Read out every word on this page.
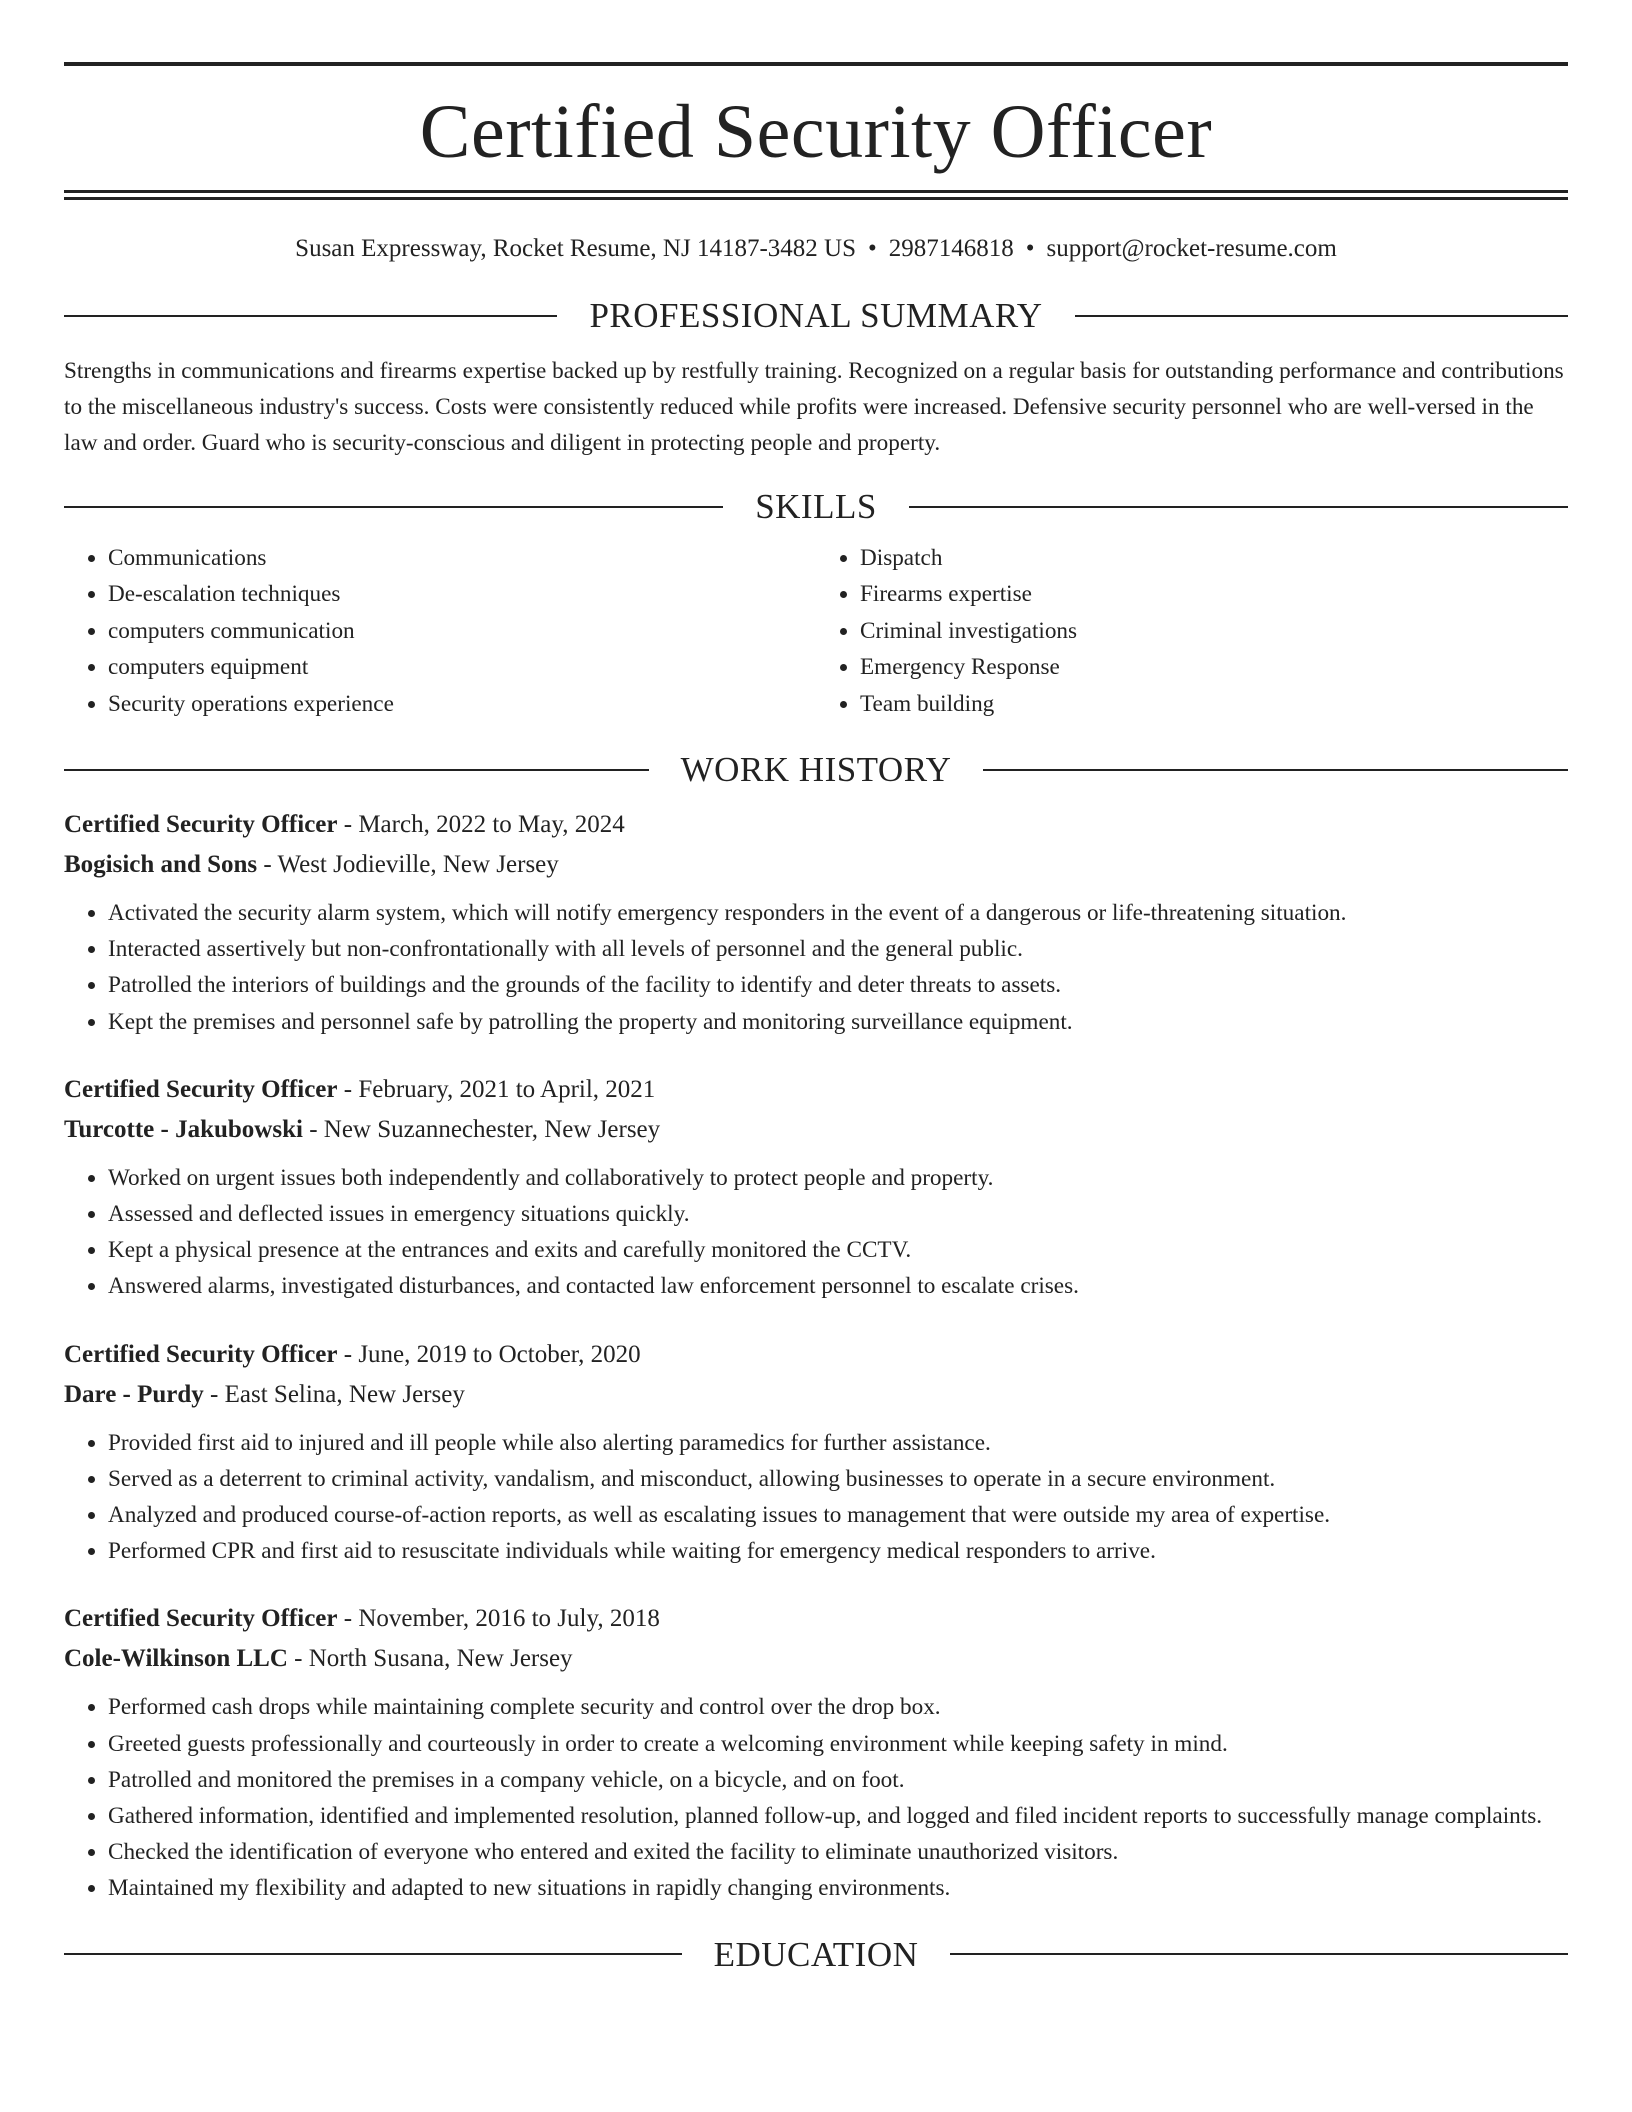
Certified Security Officer
Susan Expressway, Rocket Resume, NJ 14187-3482 US • 2987146818 • support@rocket-resume.com
PROFESSIONAL SUMMARY
Strengths in communications and firearms expertise backed up by restfully training. Recognized on a regular basis for outstanding performance and contributions to the miscellaneous industry's success. Costs were consistently reduced while profits were increased. Defensive security personnel who are well-versed in the law and order. Guard who is security-conscious and diligent in protecting people and property.
SKILLS
• Communications
• De-escalation techniques
• computers communication
• computers equipment
• Security operations experience
• Dispatch
• Firearms expertise
• Criminal investigations
• Emergency Response
• Team building
WORK HISTORY
Certified Security Officer - March, 2022 to May, 2024
Bogisich and Sons - West Jodieville, New Jersey
• Activated the security alarm system, which will notify emergency responders in the event of a dangerous or life-threatening situation.
• Interacted assertively but non-confrontationally with all levels of personnel and the general public.
• Patrolled the interiors of buildings and the grounds of the facility to identify and deter threats to assets.
• Kept the premises and personnel safe by patrolling the property and monitoring surveillance equipment.
Certified Security Officer - February, 2021 to April, 2021
Turcotte - Jakubowski - New Suzannechester, New Jersey
• Worked on urgent issues both independently and collaboratively to protect people and property.
• Assessed and deflected issues in emergency situations quickly.
• Kept a physical presence at the entrances and exits and carefully monitored the CCTV.
• Answered alarms, investigated disturbances, and contacted law enforcement personnel to escalate crises.
Certified Security Officer - June, 2019 to October, 2020
Dare - Purdy - East Selina, New Jersey
• Provided first aid to injured and ill people while also alerting paramedics for further assistance.
• Served as a deterrent to criminal activity, vandalism, and misconduct, allowing businesses to operate in a secure environment.
• Analyzed and produced course-of-action reports, as well as escalating issues to management that were outside my area of expertise.
• Performed CPR and first aid to resuscitate individuals while waiting for emergency medical responders to arrive.
Certified Security Officer - November, 2016 to July, 2018
Cole-Wilkinson LLC - North Susana, New Jersey
• Performed cash drops while maintaining complete security and control over the drop box.
• Greeted guests professionally and courteously in order to create a welcoming environment while keeping safety in mind.
• Patrolled and monitored the premises in a company vehicle, on a bicycle, and on foot.
• Gathered information, identified and implemented resolution, planned follow-up, and logged and filed incident reports to successfully manage complaints.
• Checked the identification of everyone who entered and exited the facility to eliminate unauthorized visitors.
• Maintained my flexibility and adapted to new situations in rapidly changing environments.
EDUCATION
